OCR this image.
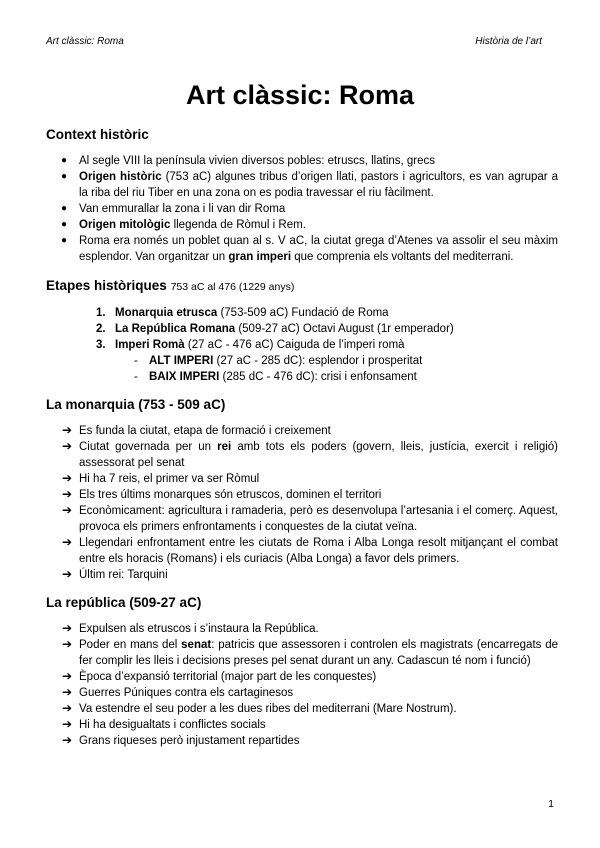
Art clàssic: Roma	Història de l’art
Art clàssic: Roma
Context històric
● Al segle VIII la península vivien diversos pobles: etruscs, llatins, grecs
● Origen històric (753 aC) algunes tribus d’origen llati, pastors i agricultors, es van agrupar a la riba del riu Tiber en una zona on es podia travessar el riu fàcilment.
● Van emmurallar la zona i li van dir Roma
● Origen mitològic llegenda de Ròmul i Rem.
● Roma era només un poblet quan al s. V aC, la ciutat grega d’Atenes va assolir el seu màxim esplendor. Van organitzar un gran imperi que comprenia els voltants del mediterrani.
Etapes històriques 753 aC al 476 (1229 anys)
1. Monarquia etrusca (753-509 aC) Fundació de Roma
2. La República Romana (509-27 aC) Octavi August (1r emperador)
3. Imperi Romà (27 aC - 476 aC) Caiguda de l’imperi romà
- ALT IMPERI (27 aC - 285 dC): esplendor i prosperitat
- BAIX IMPERI (285 dC - 476 dC): crisi i enfonsament
La monarquia (753 - 509 aC)
➔ Es funda la ciutat, etapa de formació i creixement
➔ Ciutat governada per un rei amb tots els poders (govern, lleis, justícia, exercit i religió) assessorat pel senat
➔ Hi ha 7 reis, el primer va ser Ròmul
➔ Els tres últims monarques són etruscos, dominen el territori
➔ Econòmicament: agricultura i ramaderia, però es desenvolupa l’artesania i el comerç. Aquest, provoca els primers enfrontaments i conquestes de la ciutat veïna.
➔ Llegendari enfrontament entre les ciutats de Roma i Alba Longa resolt mitjançant el combat entre els horacis (Romans) i els curiacis (Alba Longa) a favor dels primers.
➔ Últim rei: Tarquini
La república (509-27 aC)
➔ Expulsen als etruscos i s’instaura la República.
➔ Poder en mans del senat: patricis que assessoren i controlen els magistrats (encarregats de fer complir les lleis i decisions preses pel senat durant un any. Cadascun té nom i funció)
➔ Època d’expansió territorial (major part de les conquestes)
➔ Guerres Púniques contra els cartaginesos
➔ Va estendre el seu poder a les dues ribes del mediterrani (Mare Nostrum).
➔ Hi ha desigualtats i conflictes socials
➔ Grans riqueses però injustament repartides
1
